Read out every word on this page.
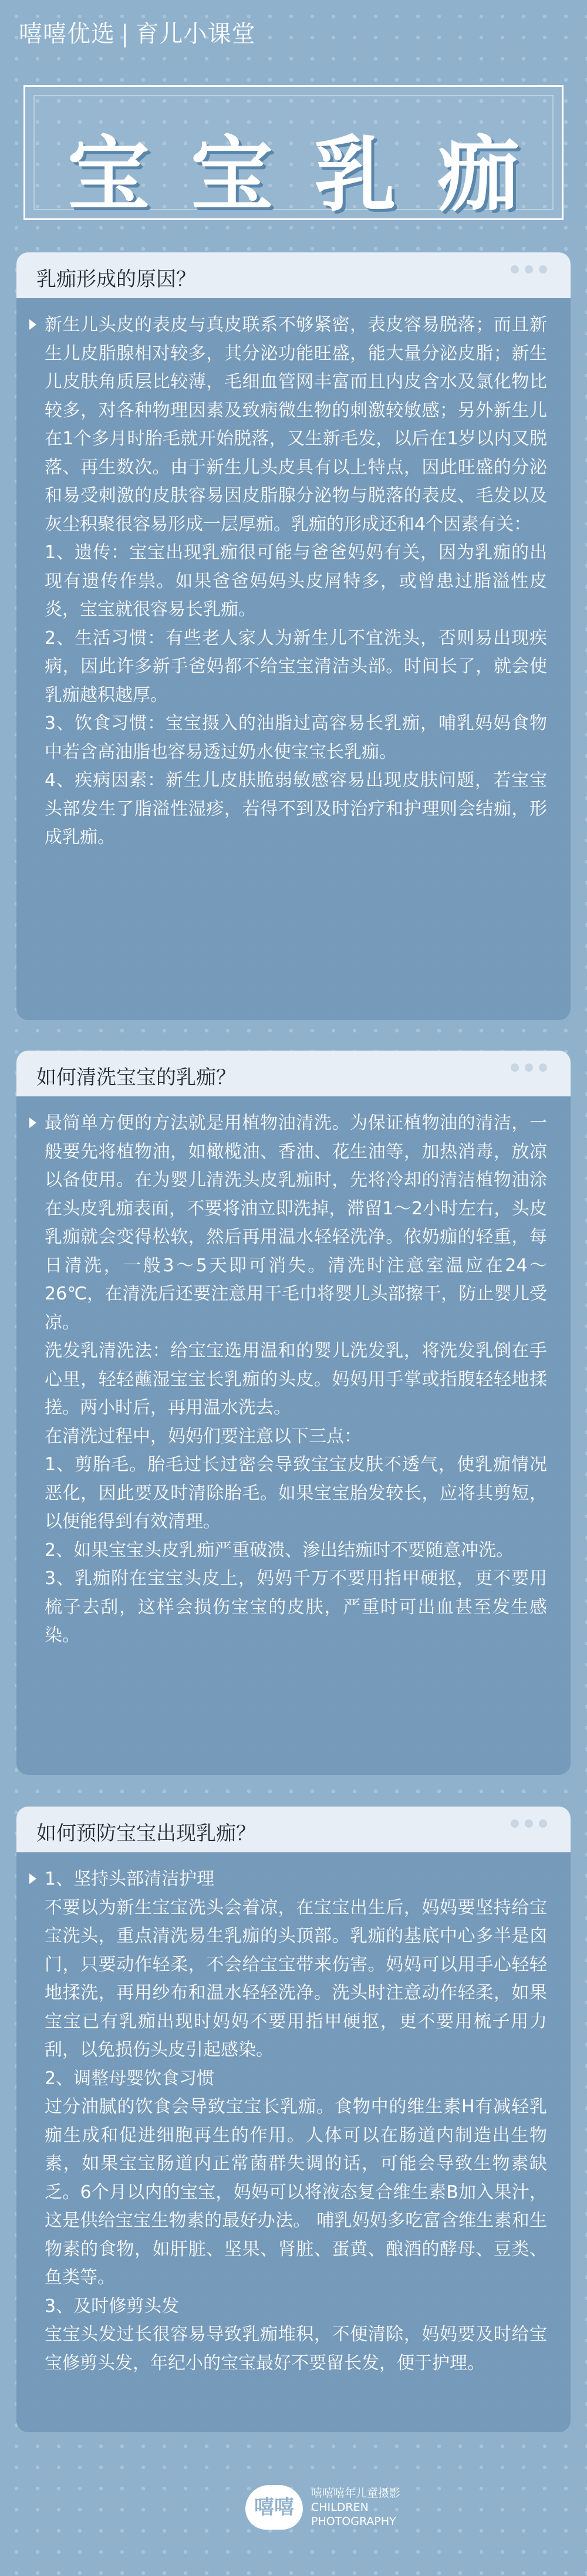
嘻嘻优选 | 育儿小课堂
宝宝乳痂
乳痂形成的原因？

新生儿头皮的表皮与真皮联系不够紧密，表皮容易脱落；而且新生儿皮脂腺相对较多，其分泌功能旺盛，能大量分泌皮脂；新生儿皮肤角质层比较薄，毛细血管网丰富而且内皮含水及氯化物比较多，对各种物理因素及致病微生物的刺激较敏感；另外新生儿在1个多月时胎毛就开始脱落，又生新毛发，以后在1岁以内又脱落、再生数次。由于新生儿头皮具有以上特点，因此旺盛的分泌和易受刺激的皮肤容易因皮脂腺分泌物与脱落的表皮、毛发以及灰尘积聚很容易形成一层厚痂。乳痂的形成还和4个因素有关：

1、遗传：宝宝出现乳痂很可能与爸爸妈妈有关，因为乳痂的出现有遗传作祟。如果爸爸妈妈头皮屑特多，或曾患过脂溢性皮炎，宝宝就很容易长乳痂。

2、生活习惯：有些老人家人为新生儿不宜洗头，否则易出现疾病，因此许多新手爸妈都不给宝宝清洁头部。时间长了，就会使乳痂越积越厚。

3、饮食习惯：宝宝摄入的油脂过高容易长乳痂，哺乳妈妈食物中若含高油脂也容易透过奶水使宝宝长乳痂。

4、疾病因素：新生儿皮肤脆弱敏感容易出现皮肤问题，若宝宝头部发生了脂溢性湿疹，若得不到及时治疗和护理则会结痂，形成乳痂。

如何清洗宝宝的乳痂？

最简单方便的方法就是用植物油清洗。为保证植物油的清洁，一般要先将植物油，如橄榄油、香油、花生油等，加热消毒，放凉以备使用。在为婴儿清洗头皮乳痂时，先将冷却的清洁植物油涂在头皮乳痂表面，不要将油立即洗掉，滞留1～2小时左右，头皮乳痂就会变得松软，然后再用温水轻轻洗净。依奶痂的轻重，每日清洗，一般3～5天即可消失。清洗时注意室温应在24～26℃，在清洗后还要注意用干毛巾将婴儿头部擦干，防止婴儿受凉。

洗发乳清洗法：给宝宝选用温和的婴儿洗发乳，将洗发乳倒在手心里，轻轻蘸湿宝宝长乳痂的头皮。妈妈用手掌或指腹轻轻地揉搓。两小时后，再用温水洗去。

在清洗过程中，妈妈们要注意以下三点：

1、剪胎毛。胎毛过长过密会导致宝宝皮肤不透气，使乳痂情况恶化，因此要及时清除胎毛。如果宝宝胎发较长，应将其剪短，以便能得到有效清理。

2、如果宝宝头皮乳痂严重破溃、渗出结痂时不要随意冲洗。

3、乳痂附在宝宝头皮上，妈妈千万不要用指甲硬抠，更不要用梳子去刮，这样会损伤宝宝的皮肤，严重时可出血甚至发生感染。

如何预防宝宝出现乳痂？

1、坚持头部清洁护理

不要以为新生宝宝洗头会着凉，在宝宝出生后，妈妈要坚持给宝宝洗头，重点清洗易生乳痂的头顶部。乳痂的基底中心多半是囟门，只要动作轻柔，不会给宝宝带来伤害。妈妈可以用手心轻轻地揉洗，再用纱布和温水轻轻洗净。洗头时注意动作轻柔，如果宝宝已有乳痂出现时妈妈不要用指甲硬抠，更不要用梳子用力刮，以免损伤头皮引起感染。

2、调整母婴饮食习惯

过分油腻的饮食会导致宝宝长乳痂。食物中的维生素H有减轻乳痂生成和促进细胞再生的作用。人体可以在肠道内制造出生物素，如果宝宝肠道内正常菌群失调的话，可能会导致生物素缺乏。6个月以内的宝宝，妈妈可以将液态复合维生素B加入果汁，这是供给宝宝生物素的最好办法。 哺乳妈妈多吃富含维生素和生物素的食物，如肝脏、坚果、肾脏、蛋黄、酿酒的酵母、豆类、鱼类等。

3、及时修剪头发

宝宝头发过长很容易导致乳痂堆积，不便清除，妈妈要及时给宝宝修剪头发，年纪小的宝宝最好不要留长发，便于护理。

嘻嘻
嘻嘻嘻年儿童摄影
CHILDREN
PHOTOGRAPHY
